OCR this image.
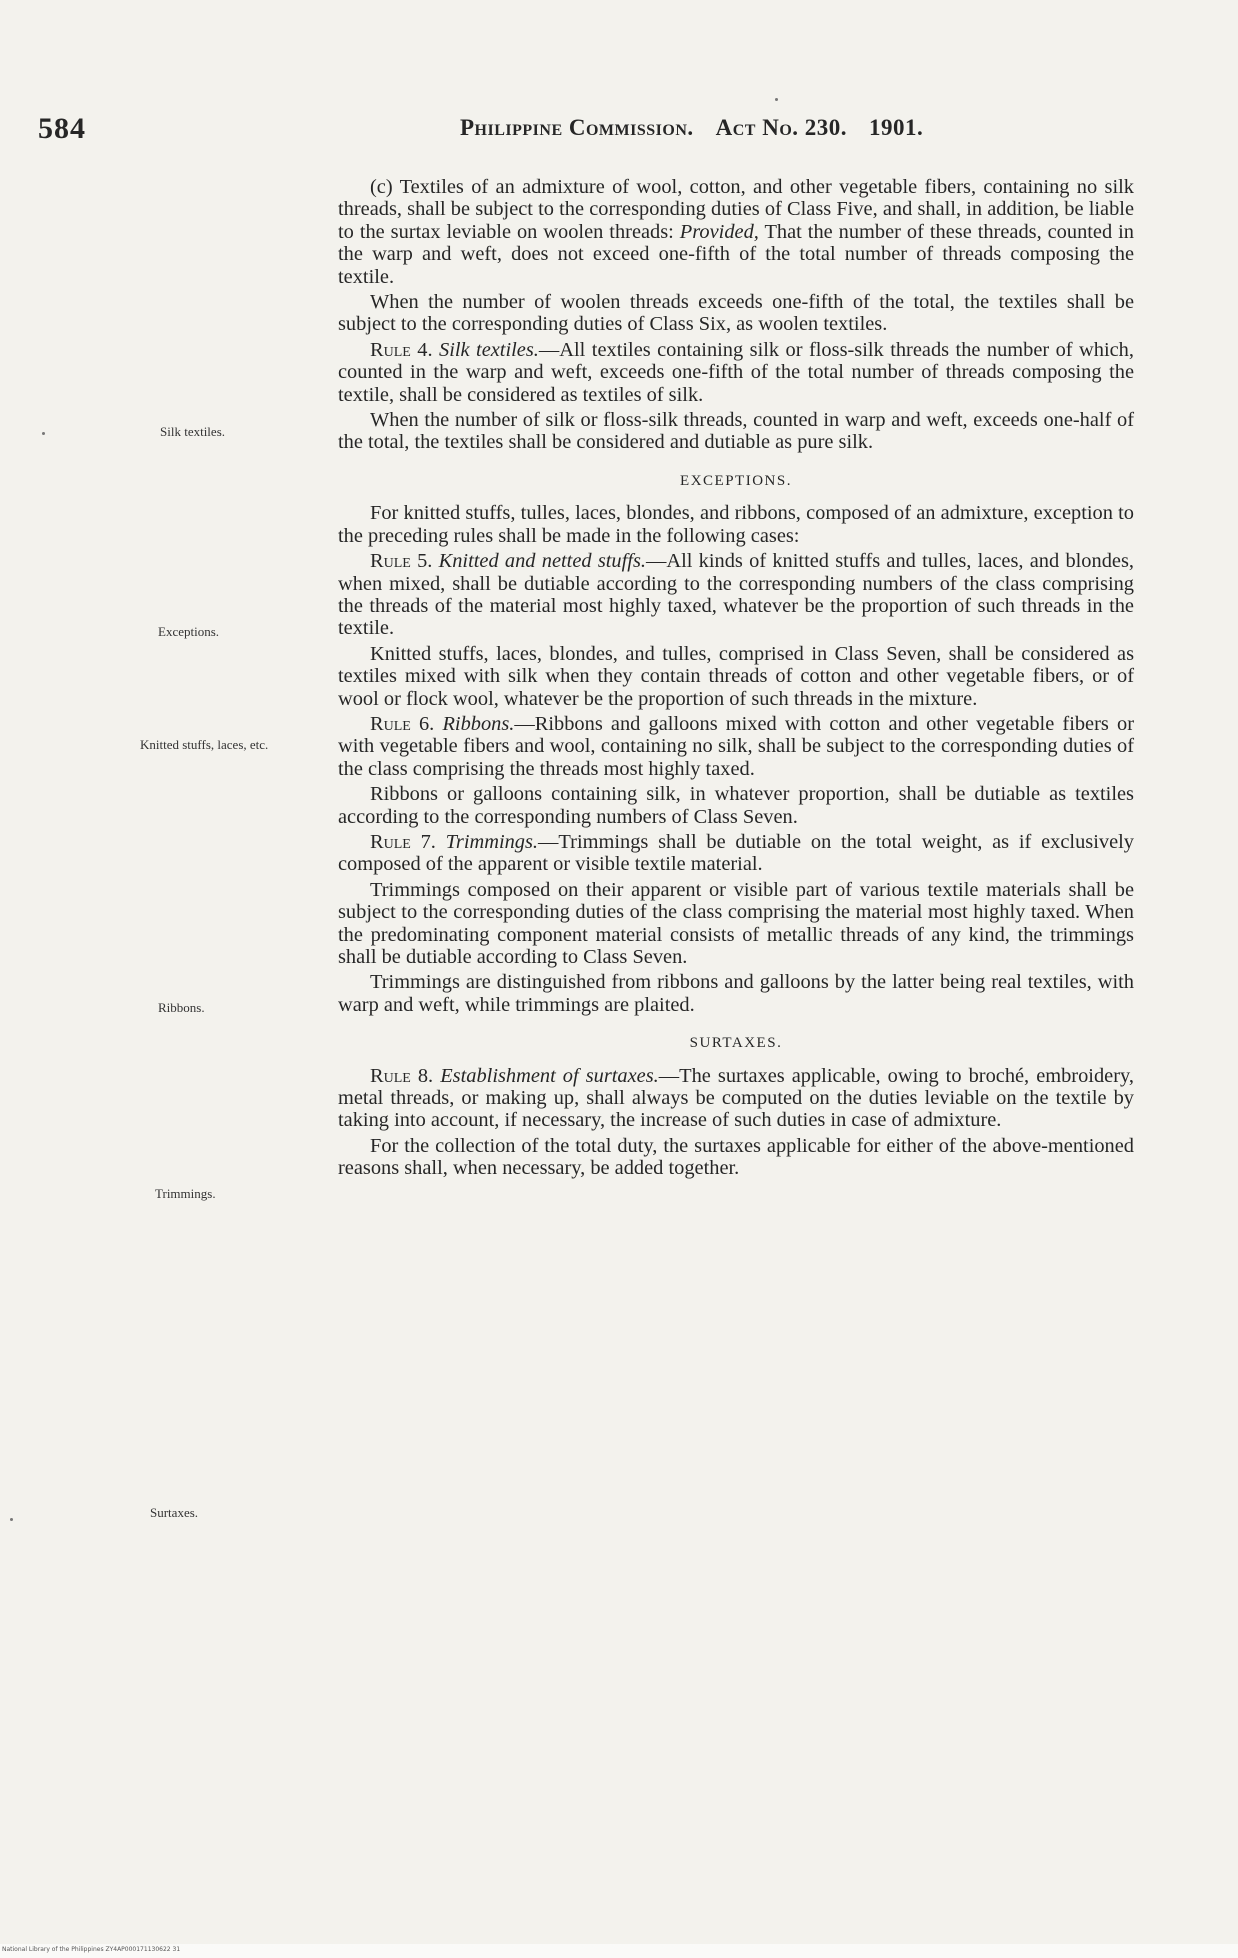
584	Philippine Commission. Act No. 230. 1901.
Silk textiles.
Exceptions.
Knitted stuffs, laces, etc.
Ribbons.
Trimmings.
Surtaxes.

(c) Textiles of an admixture of wool, cotton, and other vegetable fibers, containing no silk threads, shall be subject to the corresponding duties of Class Five, and shall, in addition, be liable to the surtax leviable on woolen threads: Provided, That the number of these threads, counted in the warp and weft, does not exceed one-fifth of the total number of threads composing the textile.

When the number of woolen threads exceeds one-fifth of the total, the textiles shall be subject to the corresponding duties of Class Six, as woolen textiles.

Rule 4. Silk textiles.—All textiles containing silk or floss-silk threads the number of which, counted in the warp and weft, exceeds one-fifth of the total number of threads composing the textile, shall be considered as textiles of silk.

When the number of silk or floss-silk threads, counted in warp and weft, exceeds one-half of the total, the textiles shall be considered and dutiable as pure silk.

EXCEPTIONS.

For knitted stuffs, tulles, laces, blondes, and ribbons, composed of an admixture, exception to the preceding rules shall be made in the following cases:

Rule 5. Knitted and netted stuffs.—All kinds of knitted stuffs and tulles, laces, and blondes, when mixed, shall be dutiable according to the corresponding numbers of the class comprising the threads of the material most highly taxed, whatever be the proportion of such threads in the textile.

Knitted stuffs, laces, blondes, and tulles, comprised in Class Seven, shall be considered as textiles mixed with silk when they contain threads of cotton and other vegetable fibers, or of wool or flock wool, whatever be the proportion of such threads in the mixture.

Rule 6. Ribbons.—Ribbons and galloons mixed with cotton and other vegetable fibers or with vegetable fibers and wool, containing no silk, shall be subject to the corresponding duties of the class comprising the threads most highly taxed.

Ribbons or galloons containing silk, in whatever proportion, shall be dutiable as textiles according to the corresponding numbers of Class Seven.

Rule 7. Trimmings.—Trimmings shall be dutiable on the total weight, as if exclusively composed of the apparent or visible textile material.

Trimmings composed on their apparent or visible part of various textile materials shall be subject to the corresponding duties of the class comprising the material most highly taxed. When the predominating component material consists of metallic threads of any kind, the trimmings shall be dutiable according to Class Seven.

Trimmings are distinguished from ribbons and galloons by the latter being real textiles, with warp and weft, while trimmings are plaited.

SURTAXES.

Rule 8. Establishment of surtaxes.—The surtaxes applicable, owing to broché, embroidery, metal threads, or making up, shall always be computed on the duties leviable on the textile by taking into account, if necessary, the increase of such duties in case of admixture.

For the collection of the total duty, the surtaxes applicable for either of the above-mentioned reasons shall, when necessary, be added together.

National Library of the Philippines ZY4AP000171130622 31
